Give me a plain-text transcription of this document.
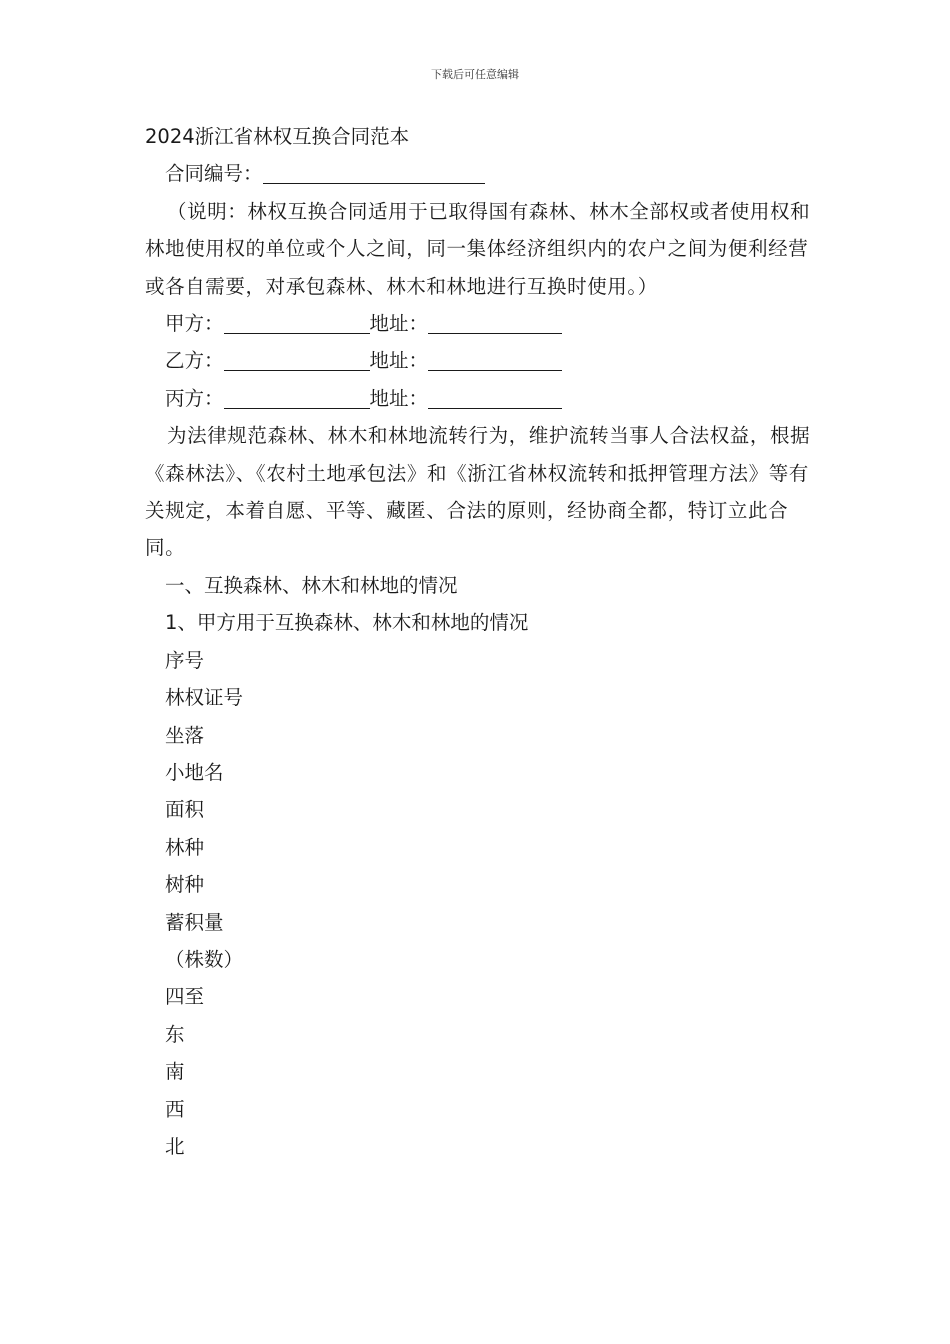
下载后可任意编辑
2024浙江省林权互换合同范本
合同编号：
（说明：林权互换合同适用于已取得国有森林、林木全部权或者使用权和林地使用权的单位或个人之间，同一集体经济组织内的农户之间为便利经营或各自需要，对承包森林、林木和林地进行互换时使用。）
甲方：	地址：
乙方：	地址：
丙方：	地址：
为法律规范森林、林木和林地流转行为，维护流转当事人合法权益，根据《森林法》、《农村土地承包法》和《浙江省林权流转和抵押管理方法》等有关规定，本着自愿、平等、藏匿、合法的原则，经协商全都，特订立此合同。
一、互换森林、林木和林地的情况
1、甲方用于互换森林、林木和林地的情况
序号
林权证号
坐落
小地名
面积
林种
树种
蓄积量
（株数）
四至
东
南
西
北
